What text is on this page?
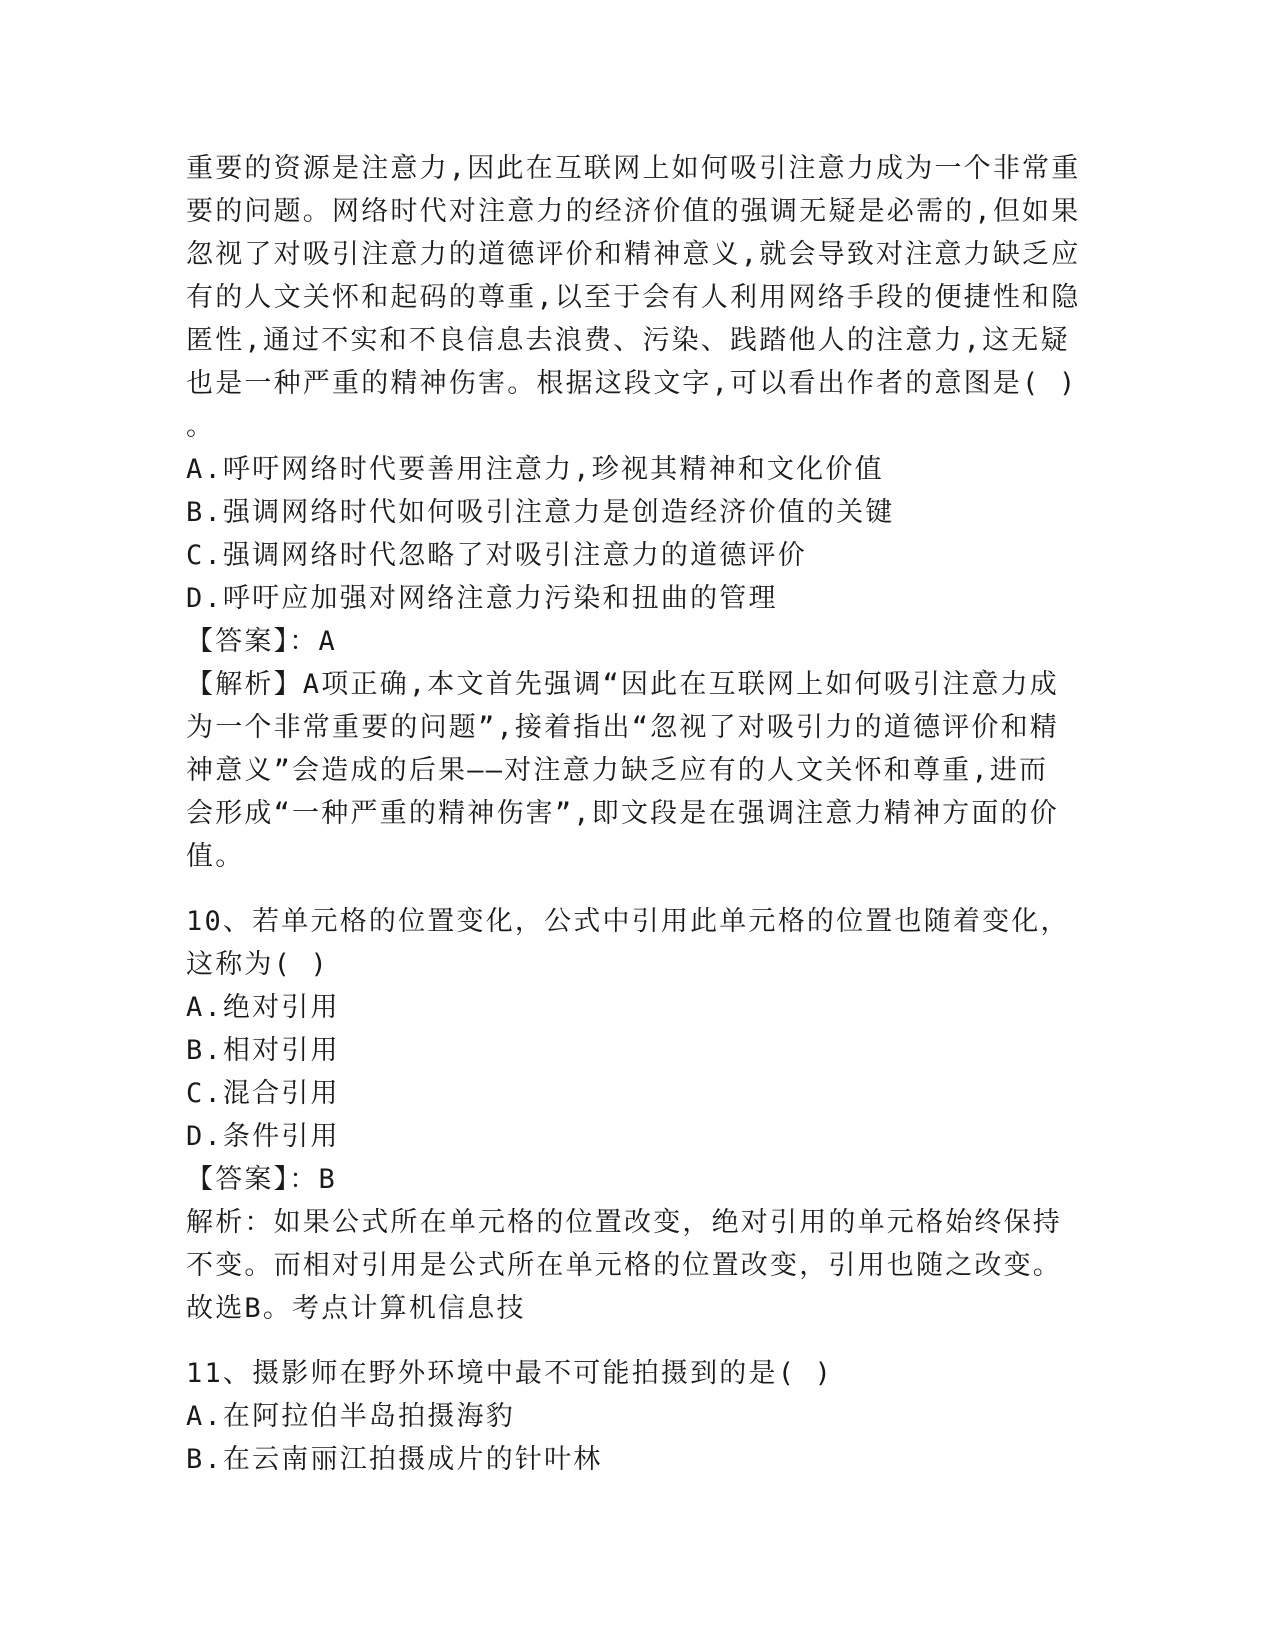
重要的资源是注意力,因此在互联网上如何吸引注意力成为一个非常重
要的问题。网络时代对注意力的经济价值的强调无疑是必需的,但如果
忽视了对吸引注意力的道德评价和精神意义,就会导致对注意力缺乏应
有的人文关怀和起码的尊重,以至于会有人利用网络手段的便捷性和隐
匿性,通过不实和不良信息去浪费、污染、践踏他人的注意力,这无疑
也是一种严重的精神伤害。根据这段文字,可以看出作者的意图是( )
。
A.呼吁网络时代要善用注意力,珍视其精神和文化价值
B.强调网络时代如何吸引注意力是创造经济价值的关键
C.强调网络时代忽略了对吸引注意力的道德评价
D.呼吁应加强对网络注意力污染和扭曲的管理
【答案】：A
【解析】A项正确,本文首先强调“因此在互联网上如何吸引注意力成
为一个非常重要的问题”,接着指出“忽视了对吸引力的道德评价和精
神意义”会造成的后果——对注意力缺乏应有的人文关怀和尊重,进而
会形成“一种严重的精神伤害”,即文段是在强调注意力精神方面的价
值。
10、若单元格的位置变化，公式中引用此单元格的位置也随着变化，
这称为( )
A.绝对引用
B.相对引用
C.混合引用
D.条件引用
【答案】：B
解析：如果公式所在单元格的位置改变，绝对引用的单元格始终保持
不变。而相对引用是公式所在单元格的位置改变，引用也随之改变。
故选B。考点计算机信息技
11、摄影师在野外环境中最不可能拍摄到的是( )
A.在阿拉伯半岛拍摄海豹
B.在云南丽江拍摄成片的针叶林
